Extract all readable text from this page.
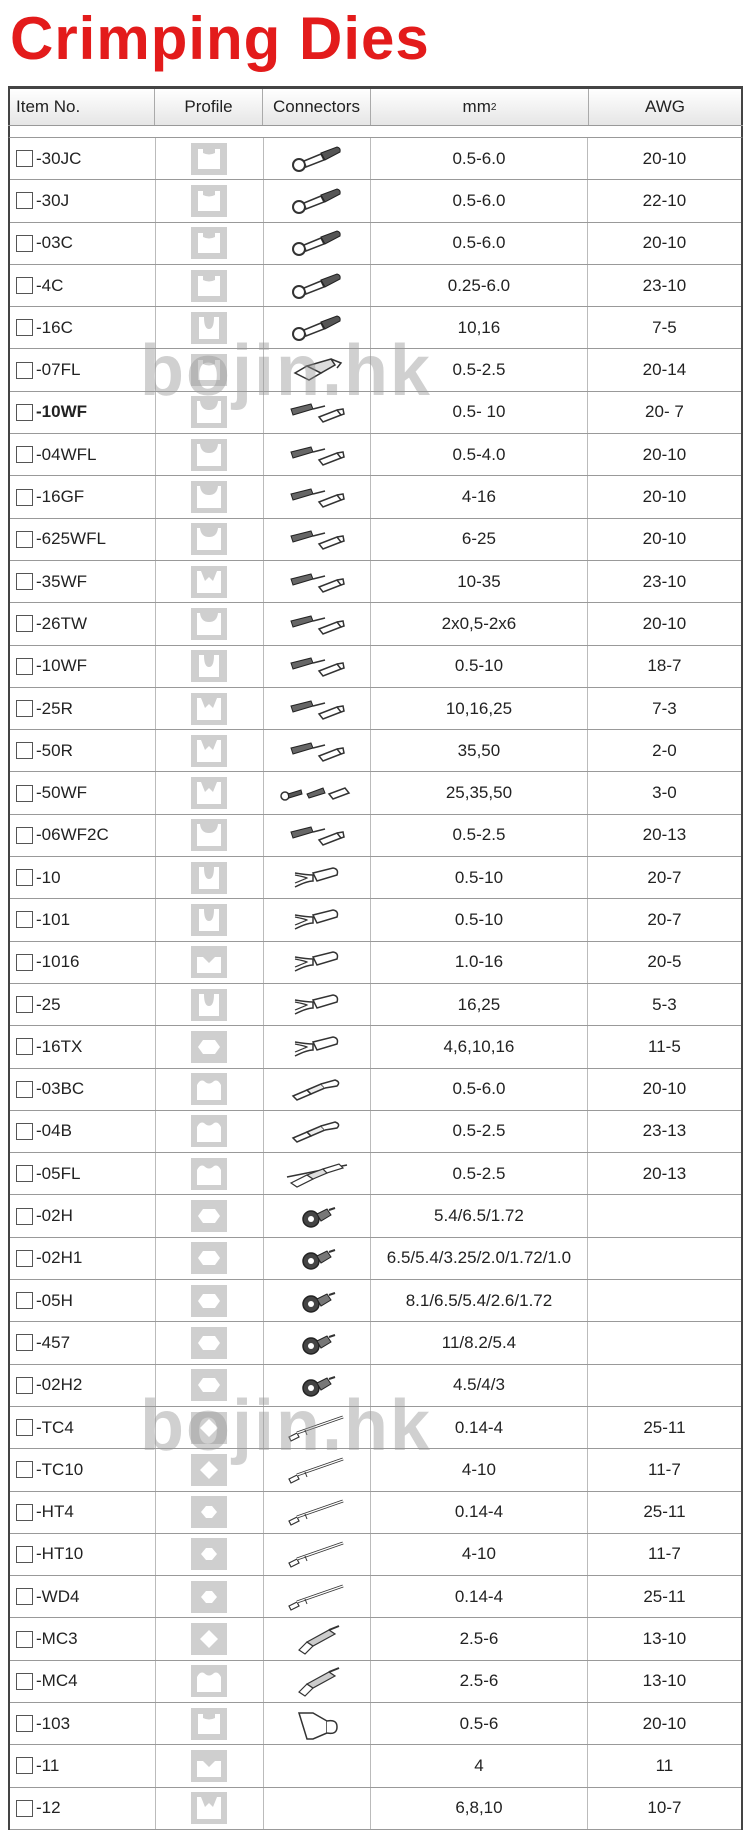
Crimping Dies
Item No.	Profile	Connectors	mm 2	AWG
-30JC	0.5-6.0	20-10
-30J	0.5-6.0	22-10
-03C	0.5-6.0	20-10
-4C	0.25-6.0	23-10
-16C	10,16	7-5
-07FL	0.5-2.5	20-14
-10WF	0.5- 10	20- 7
-04WFL	0.5-4.0	20-10
-16GF	4-16	20-10
-625WFL	6-25	20-10
-35WF	10-35	23-10
-26TW	2x0,5-2x6	20-10
-10WF	0.5-10	18-7
-25R	10,16,25	7-3
-50R	35,50	2-0
-50WF	25,35,50	3-0
-06WF2C	0.5-2.5	20-13
-10	0.5-10	20-7
-101	0.5-10	20-7
-1016	1.0-16	20-5
-25	16,25	5-3
-16TX	4,6,10,16	11-5
-03BC	0.5-6.0	20-10
-04B	0.5-2.5	23-13
-05FL	0.5-2.5	20-13
-02H	5.4/6.5/1.72
-02H1	6.5/5.4/3.25/2.0/1.72/1.0
-05H	8.1/6.5/5.4/2.6/1.72
-457	11/8.2/5.4
-02H2	4.5/4/3
-TC4	0.14-4	25-11
-TC10	4-10	11-7
-HT4	0.14-4	25-11
-HT10	4-10	11-7
-WD4	0.14-4	25-11
-MC3	2.5-6	13-10
-MC4	2.5-6	13-10
-103	0.5-6	20-10
-11	4	11
-12	6,8,10	10-7
bojin.hk
bojin.hk
